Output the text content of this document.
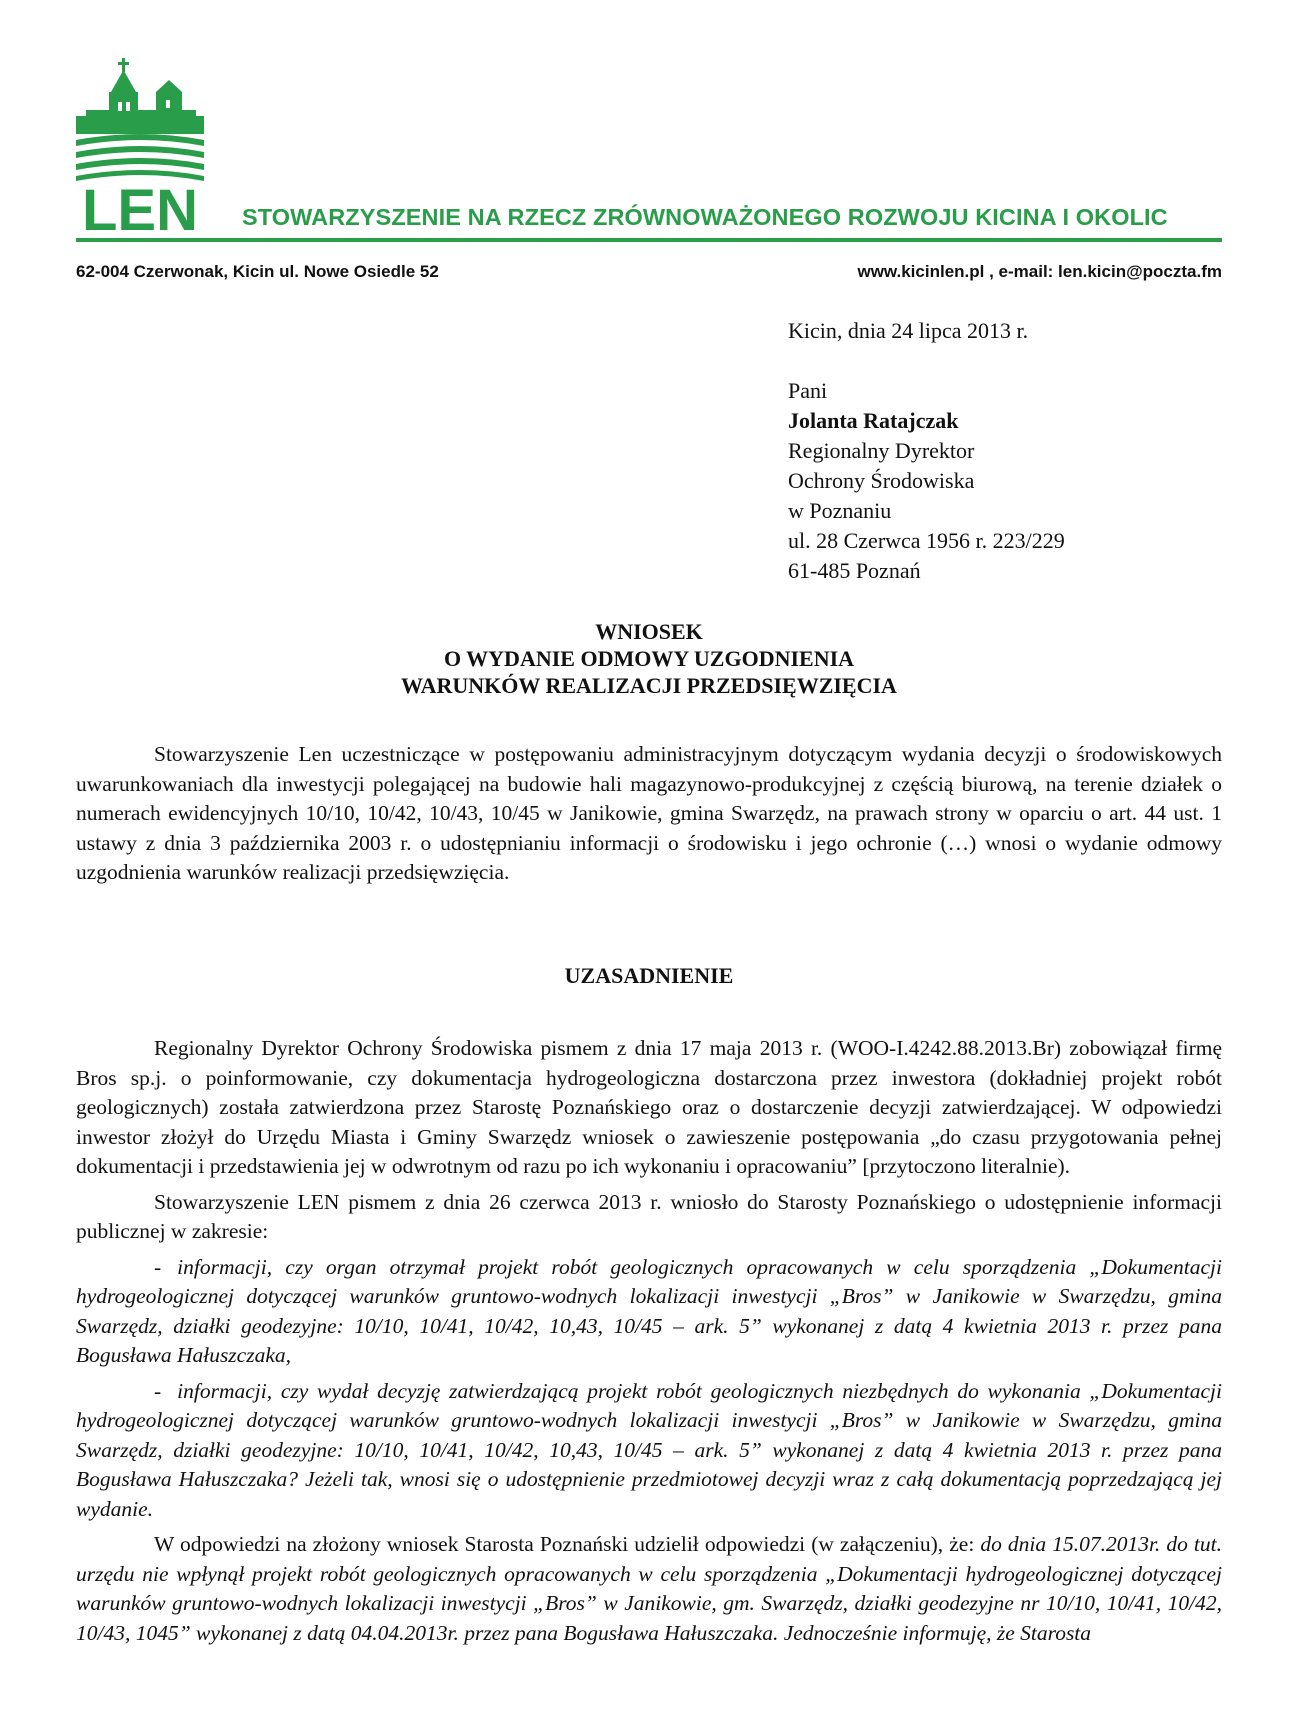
LEN STOWARZYSZENIE NA RZECZ ZRÓWNOWAŻONEGO ROZWOJU KICINA I OKOLIC
62-004 Czerwonak, Kicin ul. Nowe Osiedle 52	www.kicinlen.pl , e-mail: len.kicin@poczta.fm
Kicin, dnia 24 lipca 2013 r.
Pani
Jolanta Ratajczak
Regionalny Dyrektor
Ochrony Środowiska
w Poznaniu
ul. 28 Czerwca 1956 r. 223/229
61-485 Poznań
WNIOSEK
O WYDANIE ODMOWY UZGODNIENIA
WARUNKÓW REALIZACJI PRZEDSIĘWZIĘCIA

Stowarzyszenie Len uczestniczące w postępowaniu administracyjnym dotyczącym wydania decyzji o środowiskowych uwarunkowaniach dla inwestycji polegającej na budowie hali magazynowo-produkcyjnej z częścią biurową, na terenie działek o numerach ewidencyjnych 10/10, 10/42, 10/43, 10/45 w Janikowie, gmina Swarzędz, na prawach strony w oparciu o art. 44 ust. 1 ustawy z dnia 3 października 2003 r. o udostępnianiu informacji o środowisku i jego ochronie (…) wnosi o wydanie odmowy uzgodnienia warunków realizacji przedsięwzięcia.

UZASADNIENIE

Regionalny Dyrektor Ochrony Środowiska pismem z dnia 17 maja 2013 r. (WOO-I.4242.88.2013.Br) zobowiązał firmę Bros sp.j. o poinformowanie, czy dokumentacja hydrogeologiczna dostarczona przez inwestora (dokładniej projekt robót geologicznych) została zatwierdzona przez Starostę Poznańskiego oraz o dostarczenie decyzji zatwierdzającej. W odpowiedzi inwestor złożył do Urzędu Miasta i Gminy Swarzędz wniosek o zawieszenie postępowania „do czasu przygotowania pełnej dokumentacji i przedstawienia jej w odwrotnym od razu po ich wykonaniu i opracowaniu” [przytoczono literalnie).

Stowarzyszenie LEN pismem z dnia 26 czerwca 2013 r. wniosło do Starosty Poznańskiego o udostępnienie informacji publicznej w zakresie:

- informacji, czy organ otrzymał projekt robót geologicznych opracowanych w celu sporządzenia „Dokumentacji hydrogeologicznej dotyczącej warunków gruntowo-wodnych lokalizacji inwestycji „Bros” w Janikowie w Swarzędzu, gmina Swarzędz, działki geodezyjne: 10/10, 10/41, 10/42, 10,43, 10/45 – ark. 5” wykonanej z datą 4 kwietnia 2013 r. przez pana Bogusława Hałuszczaka,

- informacji, czy wydał decyzję zatwierdzającą projekt robót geologicznych niezbędnych do wykonania „Dokumentacji hydrogeologicznej dotyczącej warunków gruntowo-wodnych lokalizacji inwestycji „Bros” w Janikowie w Swarzędzu, gmina Swarzędz, działki geodezyjne: 10/10, 10/41, 10/42, 10,43, 10/45 – ark. 5” wykonanej z datą 4 kwietnia 2013 r. przez pana Bogusława Hałuszczaka? Jeżeli tak, wnosi się o udostępnienie przedmiotowej decyzji wraz z całą dokumentacją poprzedzającą jej wydanie.

W odpowiedzi na złożony wniosek Starosta Poznański udzielił odpowiedzi (w załączeniu), że: do dnia 15.07.2013r. do tut. urzędu nie wpłynął projekt robót geologicznych opracowanych w celu sporządzenia „Dokumentacji hydrogeologicznej dotyczącej warunków gruntowo-wodnych lokalizacji inwestycji „Bros” w Janikowie, gm. Swarzędz, działki geodezyjne nr 10/10, 10/41, 10/42, 10/43, 1045” wykonanej z datą 04.04.2013r. przez pana Bogusława Hałuszczaka. Jednocześnie informuję, że Starosta
